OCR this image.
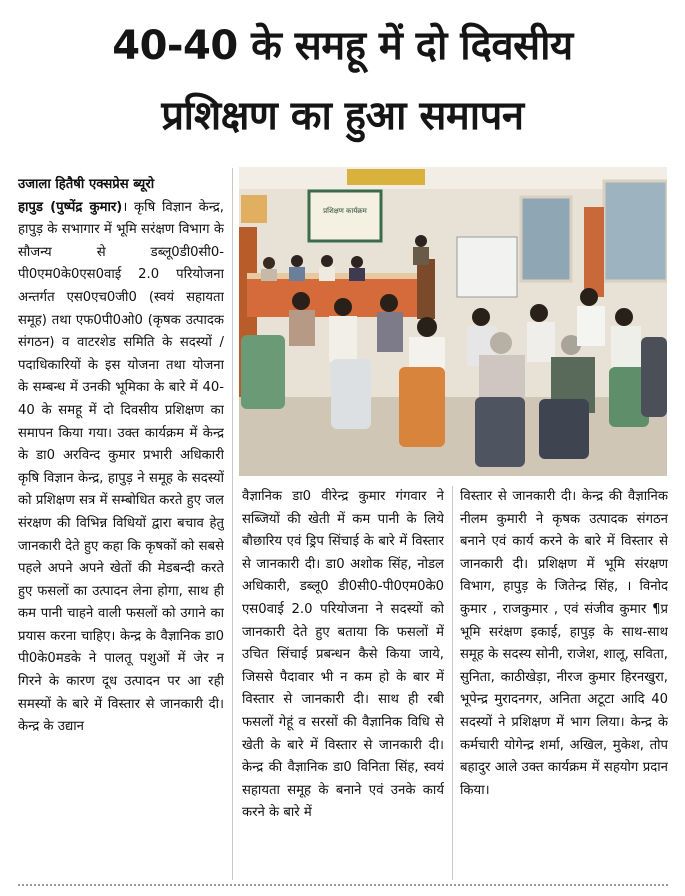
40-40 के समहू में दो दिवसीय
प्रशिक्षण का हुआ समापन

उजाला हितैषी एक्सप्रेस ब्यूरो
हापुड (पुष्पेंद्र कुमार)। कृषि विज्ञान केन्द्र, हापुड़ के सभागार में भूमि सरंक्षण विभाग के सौजन्य से डब्लू0डी0सी0-पी0एम0के0एस0वाई 2.0 परियोजना अन्तर्गत एस0एच0जी0 (स्वयं सहायता समूह) तथा एफ0पी0ओ0 (कृषक उत्पादक संगठन) व वाटरशेड समिति के सदस्यों / पदाधिकारियों के इस योजना तथा योजना के सम्बन्ध में उनकी भूमिका के बारे में 40-40 के समहू में दो दिवसीय प्रशिक्षण का समापन किया गया। उक्त कार्यक्रम में केन्द्र के डा0 अरविन्द कुमार प्रभारी अधिकारी कृषि विज्ञान केन्द्र, हापुड़ ने समूह के सदस्यों को प्रशिक्षण सत्र में सम्बोधित करते हुए जल संरक्षण की विभिन्न विधियों द्वारा बचाव हेतु जानकारी देते हुए कहा कि कृषकों को सबसे पहले अपने अपने खेतों की मेडबन्दी करते हुए फसलों का उत्पादन लेना होगा, साथ ही कम पानी चाहने वाली फसलों को उगाने का प्रयास करना चाहिए। केन्द्र के वैज्ञानिक डा0 पी0के0मडके ने पालतू पशुओं में जेर न गिरने के कारण दूध उत्पादन पर आ रही समस्यों के बारे में विस्तार से जानकारी दी। केन्द्र के उद्यान

प्रशिक्षण कार्यक्रम

वैज्ञानिक डा0 वीरेन्द्र कुमार गंगवार ने सब्जियों की खेती में कम पानी के लिये बौछारिय एवं ड्रिप सिंचाई के बारे में विस्तार से जानकारी दी। डा0 अशोक सिंह, नोडल अधिकारी, डब्लू0 डी0सी0-पी0एम0के0 एस0वाई 2.0 परियोजना ने सदस्यों को जानकारी देते हुए बताया कि फसलों में उचित सिंचाई प्रबन्धन कैसे किया जाये, जिससे पैदावार भी न कम हो के बार में विस्तार से जानकारी दी। साथ ही रबी फसलों गेहूं व सरसों की वैज्ञानिक विधि से खेती के बारे में विस्तार से जानकारी दी। केन्द्र की वैज्ञानिक डा0 विनिता सिंह, स्वयं सहायता समूह के बनाने एवं उनके कार्य करने के बारे में

विस्तार से जानकारी दी। केन्द्र की वैज्ञानिक नीलम कुमारी ने कृषक उत्पादक संगठन बनाने एवं कार्य करने के बारे में विस्तार से जानकारी दी। प्रशिक्षण में भूमि संरक्षण विभाग, हापुड़ के जितेन्द्र सिंह, । विनोद कुमार , राजकुमार , एवं संजीव कुमार ¶प्र भूमि सरंक्षण इकाई, हापुड़ के साथ-साथ समूह के सदस्य सोनी, राजेश, शालू, सविता, सुनिता, काठीखेड़ा, नीरज कुमार हिरनखुरा, भूपेन्द्र मुरादनगर, अनिता अटूटा आदि 40 सदस्यों ने प्रशिक्षण में भाग लिया। केन्द्र के कर्मचारी योगेन्द्र शर्मा, अखिल, मुकेश, तोप बहादुर आले उक्त कार्यक्रम में सहयोग प्रदान किया।
